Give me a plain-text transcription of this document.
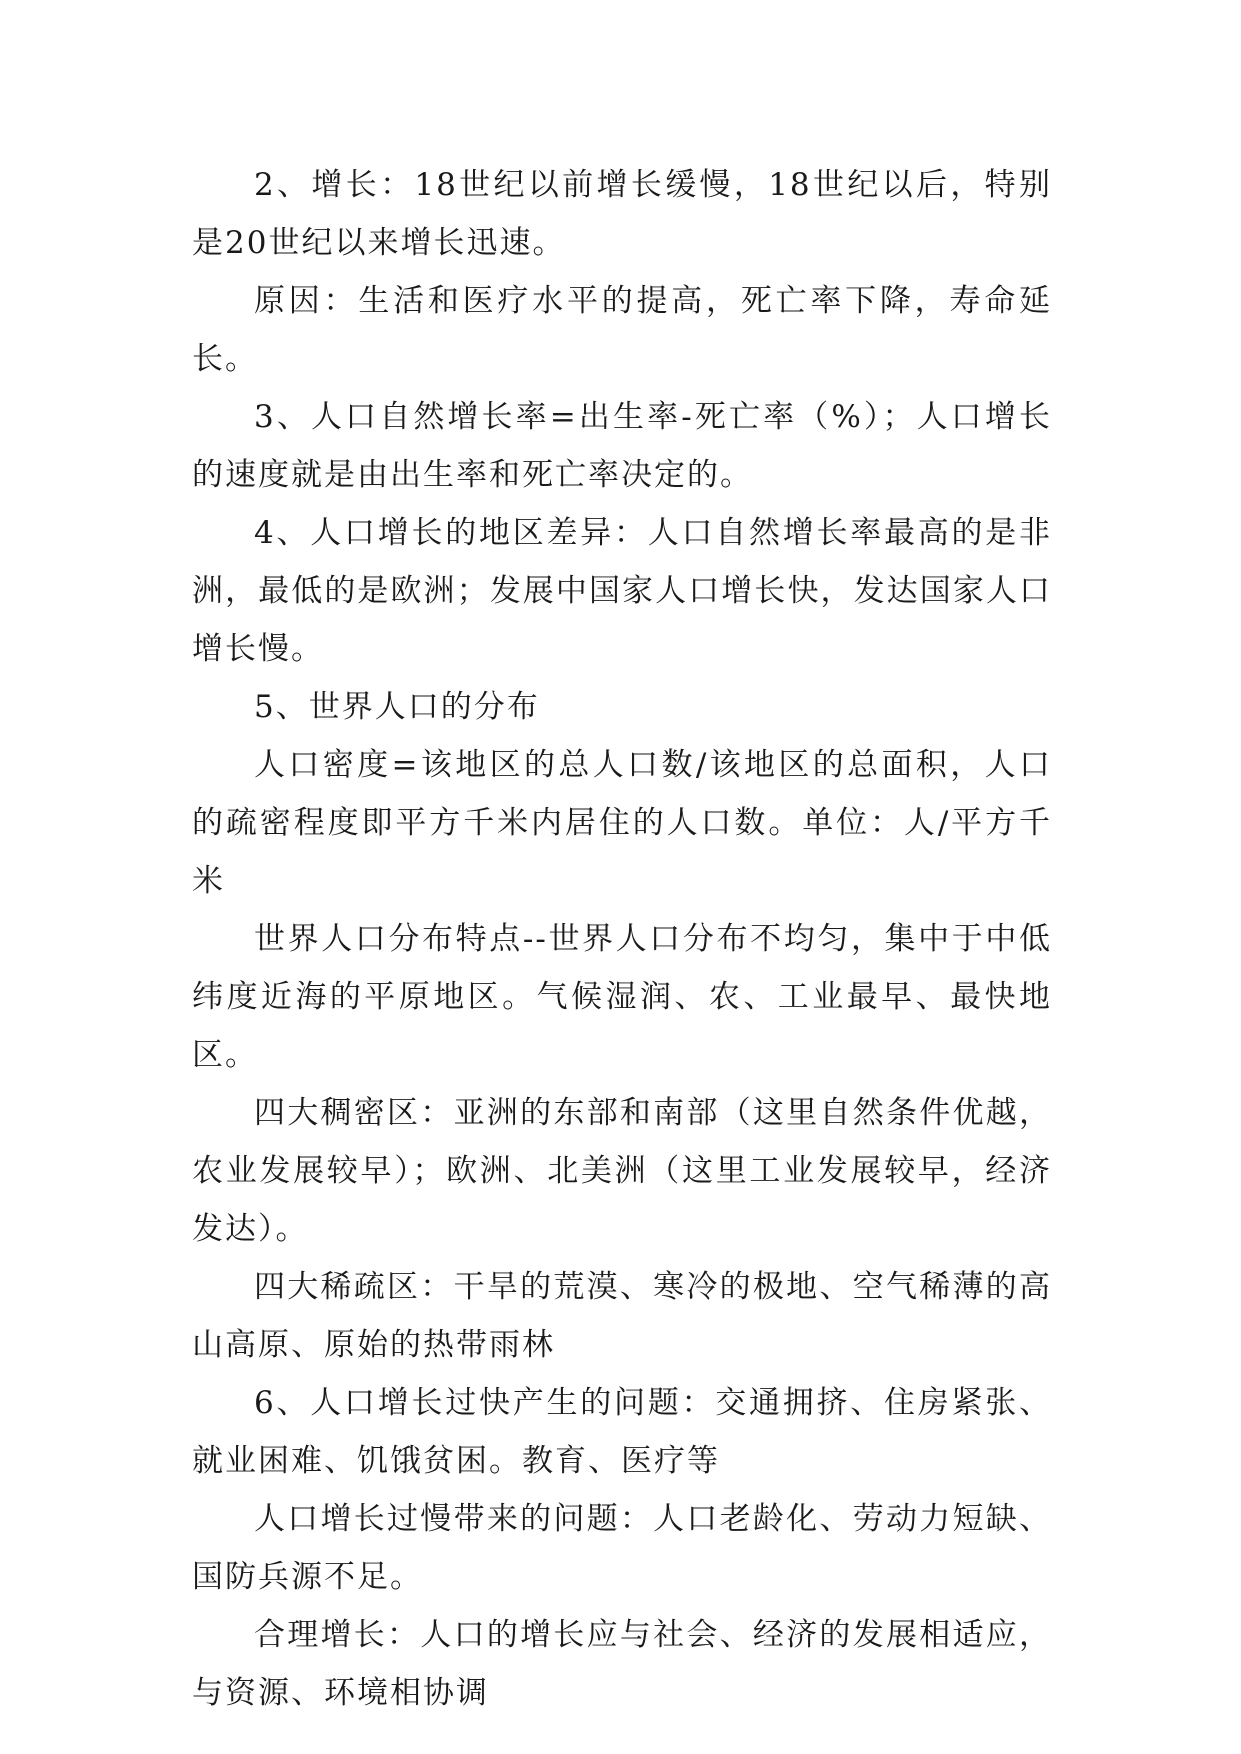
2、增长：18世纪以前增长缓慢，18世纪以后，特别是20世纪以来增长迅速。

原因：生活和医疗水平的提高，死亡率下降，寿命延长。

3、人口自然增长率=出生率-死亡率（%）；人口增长的速度就是由出生率和死亡率决定的。

4、人口增长的地区差异：人口自然增长率最高的是非洲，最低的是欧洲；发展中国家人口增长快，发达国家人口增长慢。

5、世界人口的分布

人口密度=该地区的总人口数/该地区的总面积，人口的疏密程度即平方千米内居住的人口数。单位：人/平方千米

世界人口分布特点--世界人口分布不均匀，集中于中低纬度近海的平原地区。气候湿润、农、工业最早、最快地区。

四大稠密区：亚洲的东部和南部（这里自然条件优越，农业发展较早）；欧洲、北美洲（这里工业发展较早，经济发达）。

四大稀疏区：干旱的荒漠、寒冷的极地、空气稀薄的高山高原、原始的热带雨林

6、人口增长过快产生的问题：交通拥挤、住房紧张、就业困难、饥饿贫困。教育、医疗等

人口增长过慢带来的问题：人口老龄化、劳动力短缺、国防兵源不足。

合理增长：人口的增长应与社会、经济的发展相适应，与资源、环境相协调
